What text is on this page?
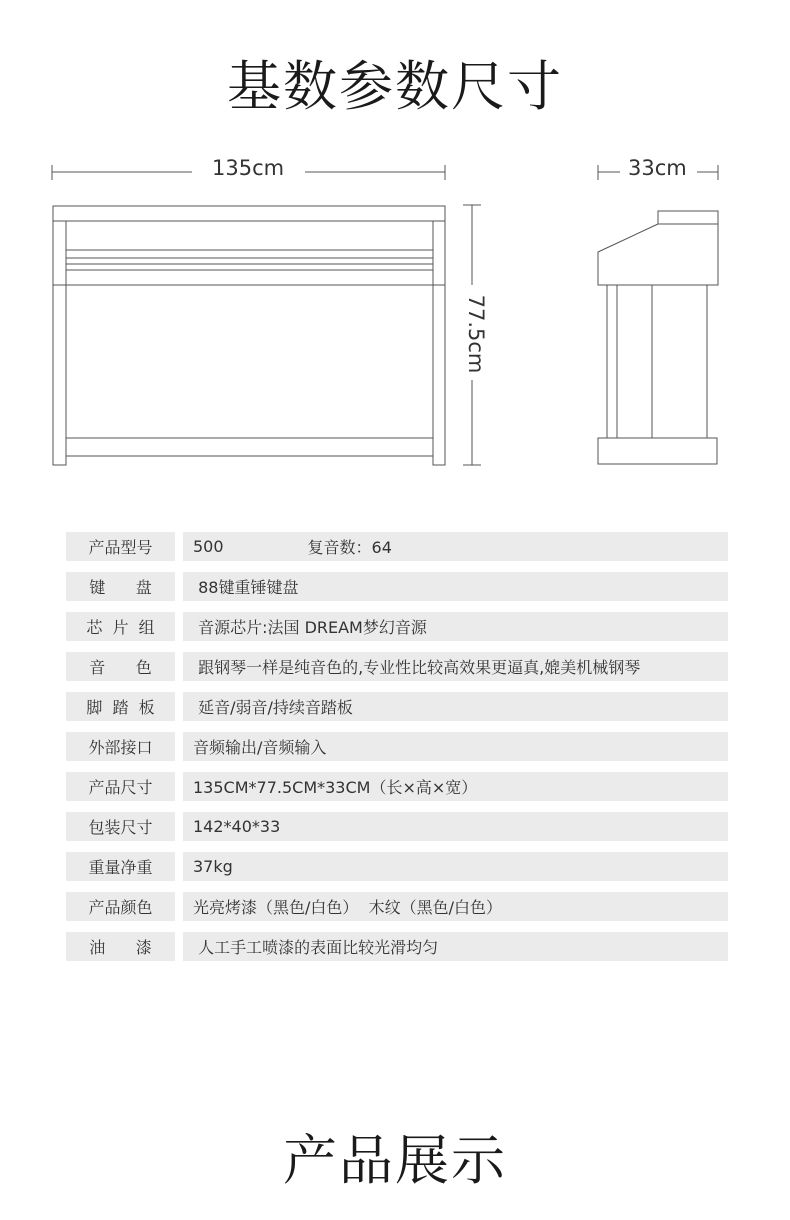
基数参数尺寸
135cm	33cm
77.5cm
产品型号	500	复音数：64
键      盘	88键重锤键盘
芯  片  组	音源芯片:法国 DREAM梦幻音源
音      色	跟钢琴一样是纯音色的,专业性比较高效果更逼真,媲美机械钢琴
脚  踏  板	延音/弱音/持续音踏板
外部接口	音频输出/音频输入
产品尺寸	135CM*77.5CM*33CM（长×高×宽）
包装尺寸	142*40*33
重量净重	37kg
产品颜色	光亮烤漆（黑色/白色）  木纹（黑色/白色）
油      漆	人工手工喷漆的表面比较光滑均匀
产品展示
